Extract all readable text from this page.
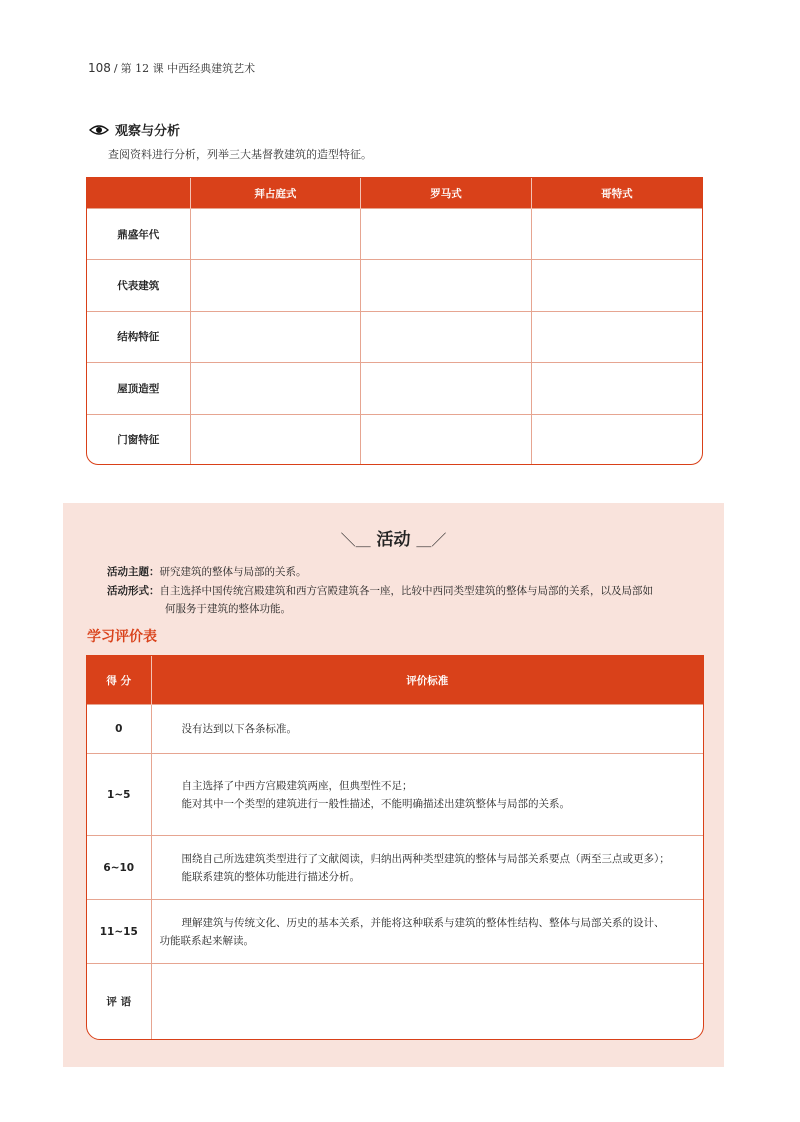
108 / 第 12 课 中西经典建筑艺术
观察与分析
查阅资料进行分析，列举三大基督教建筑的造型特征。
	拜占庭式	罗马式	哥特式
鼎盛年代			
代表建筑			
结构特征			
屋顶造型			
门窗特征			
＼＿ 活动 ＿／
活动主题：研究建筑的整体与局部的关系。
活动形式：自主选择中国传统宫殿建筑和西方宫殿建筑各一座，比较中西同类型建筑的整体与局部的关系，以及局部如
何服务于建筑的整体功能。
学习评价表
得 分	评价标准
0	没有达到以下各条标准。

1~5	自主选择了中西方宫殿建筑两座，但典型性不足；
能对其中一个类型的建筑进行一般性描述，不能明确描述出建筑整体与局部的关系。

6~10	围绕自己所选建筑类型进行了文献阅读，归纳出两种类型建筑的整体与局部关系要点（两至三点或更多）；
能联系建筑的整体功能进行描述分析。

11~15	理解建筑与传统文化、历史的基本关系，并能将这种联系与建筑的整体性结构、整体与局部关系的设计、
功能联系起来解读。

评 语	
